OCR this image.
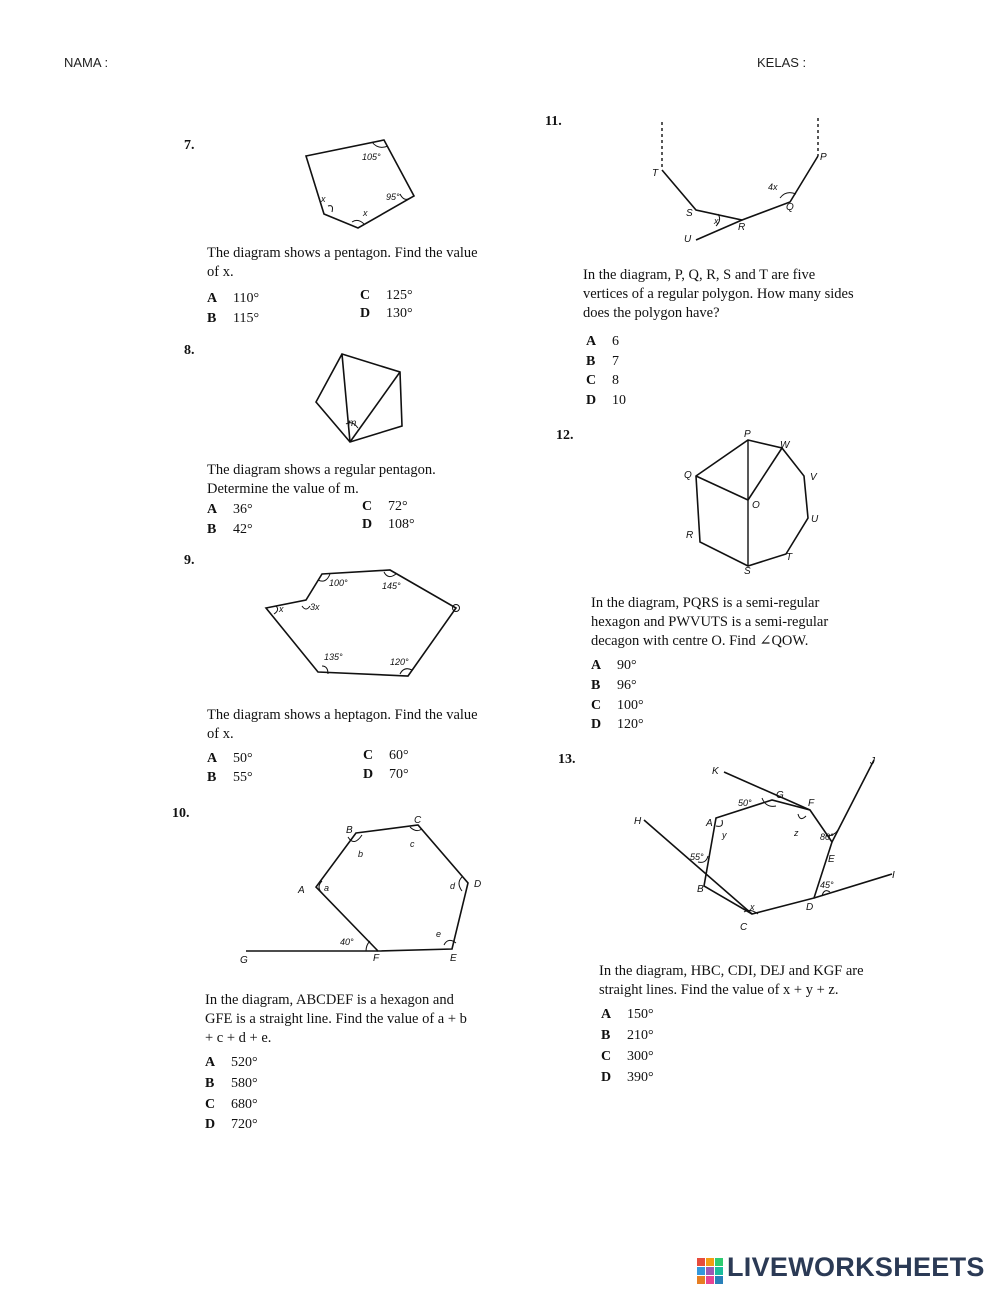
NAMA :	KELAS :
7.
105°
95°
x
x
The diagram shows a pentagon. Find the value
of x.
A 110°
B 115°
C 125°
D 130°
8.
m
The diagram shows a regular pentagon.
Determine the value of m.
A 36°
B 42°
C 72°
D 108°
9.
100°	145°
x	3x
135°	120°
The diagram shows a heptagon. Find the value
of x.
A 50°
B 55°
C 60°
D 70°
10.
B
C
A
D
G	F	E
a
b
c
d
e
40°
In the diagram, ABCDEF is a hexagon and
GFE is a straight line. Find the value of a + b
+ c + d + e.
A 520°
B 580°
C 680°
D 720°
11.
T
P
Q
S
R
U
4x
x
In the diagram, P, Q, R, S and T are five
vertices of a regular polygon. How many sides
does the polygon have?
A 6
B 7
C 8
D 10
12.	P
W
Q	V
O
U
R
T
S
In the diagram, PQRS is a semi-regular
hexagon and PWVUTS is a semi-regular
decagon with centre O. Find ∠QOW.
A 90°
B 96°
C 100°
D 120°
13.
K
J
G
F
H	A
50°
y	z 80°
55°	E
B	45°
I
x	D
C
In the diagram, HBC, CDI, DEJ and KGF are
straight lines. Find the value of x + y + z.
A 150°
B 210°
C 300°
D 390°
LIVEWORKSHEETS
